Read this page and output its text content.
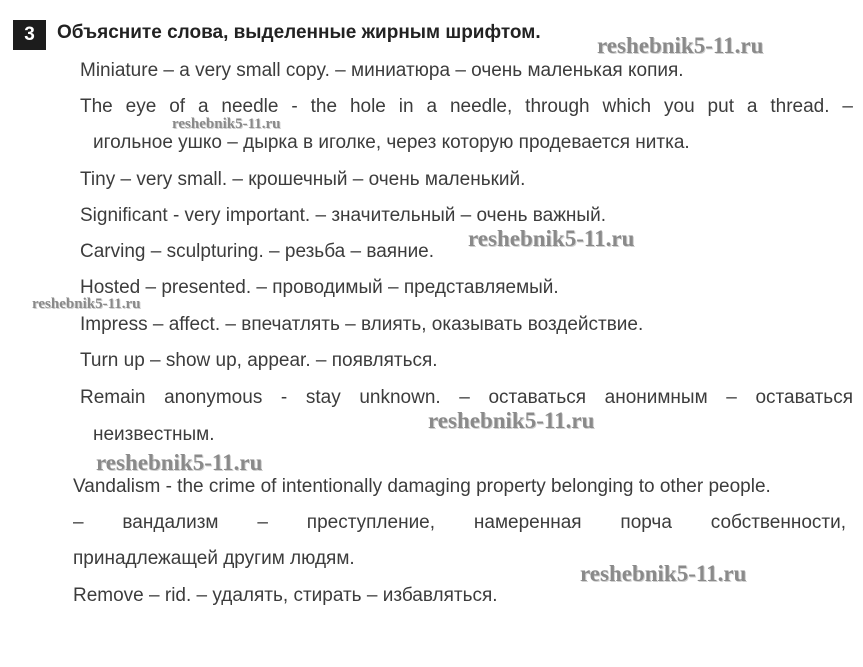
3	Объясните слова, выделенные жирным шрифтом.
Miniature – a very small copy. – миниатюра – очень маленькая копия.
The eye of a needle - the hole in a needle, through which you put a thread. –
игольное ушко – дырка в иголке, через которую продевается нитка.
Tiny – very small. – крошечный – очень маленький.
Significant - very important. – значительный – очень важный.
Carving – sculpturing. – резьба – ваяние.
Hosted – presented. – проводимый – представляемый.
Impress – affect. – впечатлять – влиять, оказывать воздействие.
Turn up – show up, appear. – появляться.
Remain anonymous - stay unknown. – оставаться анонимным – оставаться
неизвестным.
Vandalism - the crime of intentionally damaging property belonging to other people.
– вандализм – преступление, намеренная порча собственности,
принадлежащей другим людям.
Remove – rid. – удалять, стирать – избавляться.
reshebnik5-11.ru
reshebnik5-11.ru
reshebnik5-11.ru
reshebnik5-11.ru
reshebnik5-11.ru
reshebnik5-11.ru
reshebnik5-11.ru
